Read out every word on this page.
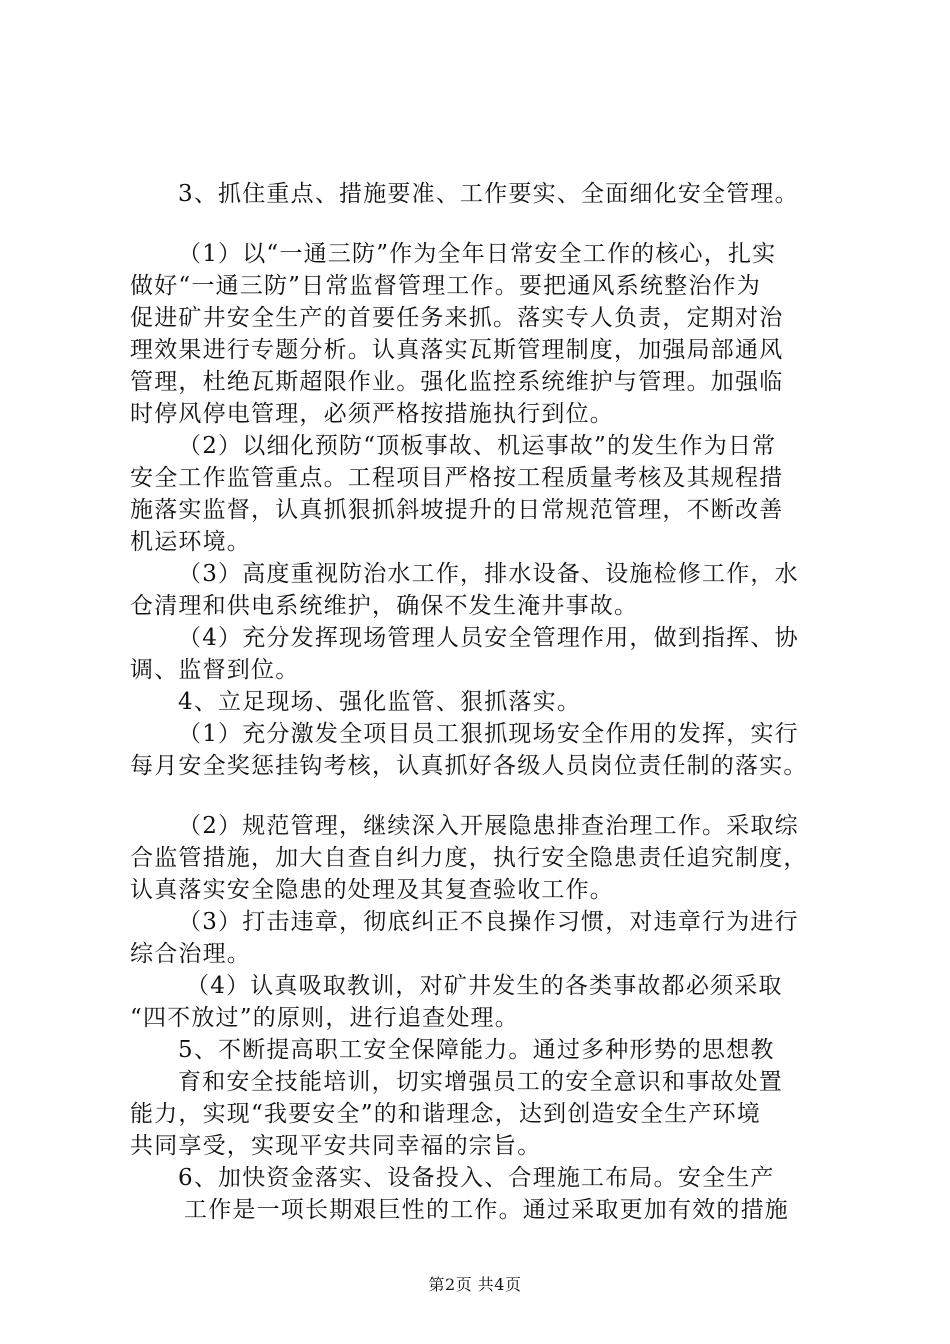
3、抓住重点、措施要准、工作要实、全面细化安全管理。
（1）以“一通三防”作为全年日常安全工作的核心，扎实
做好“一通三防”日常监督管理工作。要把通风系统整治作为
促进矿井安全生产的首要任务来抓。落实专人负责，定期对治
理效果进行专题分析。认真落实瓦斯管理制度，加强局部通风
管理，杜绝瓦斯超限作业。强化监控系统维护与管理。加强临
时停风停电管理，必须严格按措施执行到位。
（2）以细化预防“顶板事故、机运事故”的发生作为日常
安全工作监管重点。工程项目严格按工程质量考核及其规程措
施落实监督，认真抓狠抓斜坡提升的日常规范管理，不断改善
机运环境。
（3）高度重视防治水工作，排水设备、设施检修工作，水
仓清理和供电系统维护，确保不发生淹井事故。
（4）充分发挥现场管理人员安全管理作用，做到指挥、协
调、监督到位。
4、立足现场、强化监管、狠抓落实。
（1）充分激发全项目员工狠抓现场安全作用的发挥，实行
每月安全奖惩挂钩考核，认真抓好各级人员岗位责任制的落实。
（2）规范管理，继续深入开展隐患排查治理工作。采取综
合监管措施，加大自查自纠力度，执行安全隐患责任追究制度，
认真落实安全隐患的处理及其复查验收工作。
（3）打击违章，彻底纠正不良操作习惯，对违章行为进行
综合治理。
（4）认真吸取教训，对矿井发生的各类事故都必须采取
“四不放过”的原则，进行追查处理。
5、不断提高职工安全保障能力。通过多种形势的思想教
育和安全技能培训，切实增强员工的安全意识和事故处置
能力，实现“我要安全”的和谐理念，达到创造安全生产环境
共同享受，实现平安共同幸福的宗旨。
6、加快资金落实、设备投入、合理施工布局。安全生产
工作是一项长期艰巨性的工作。通过采取更加有效的措施
第2页 共4页
